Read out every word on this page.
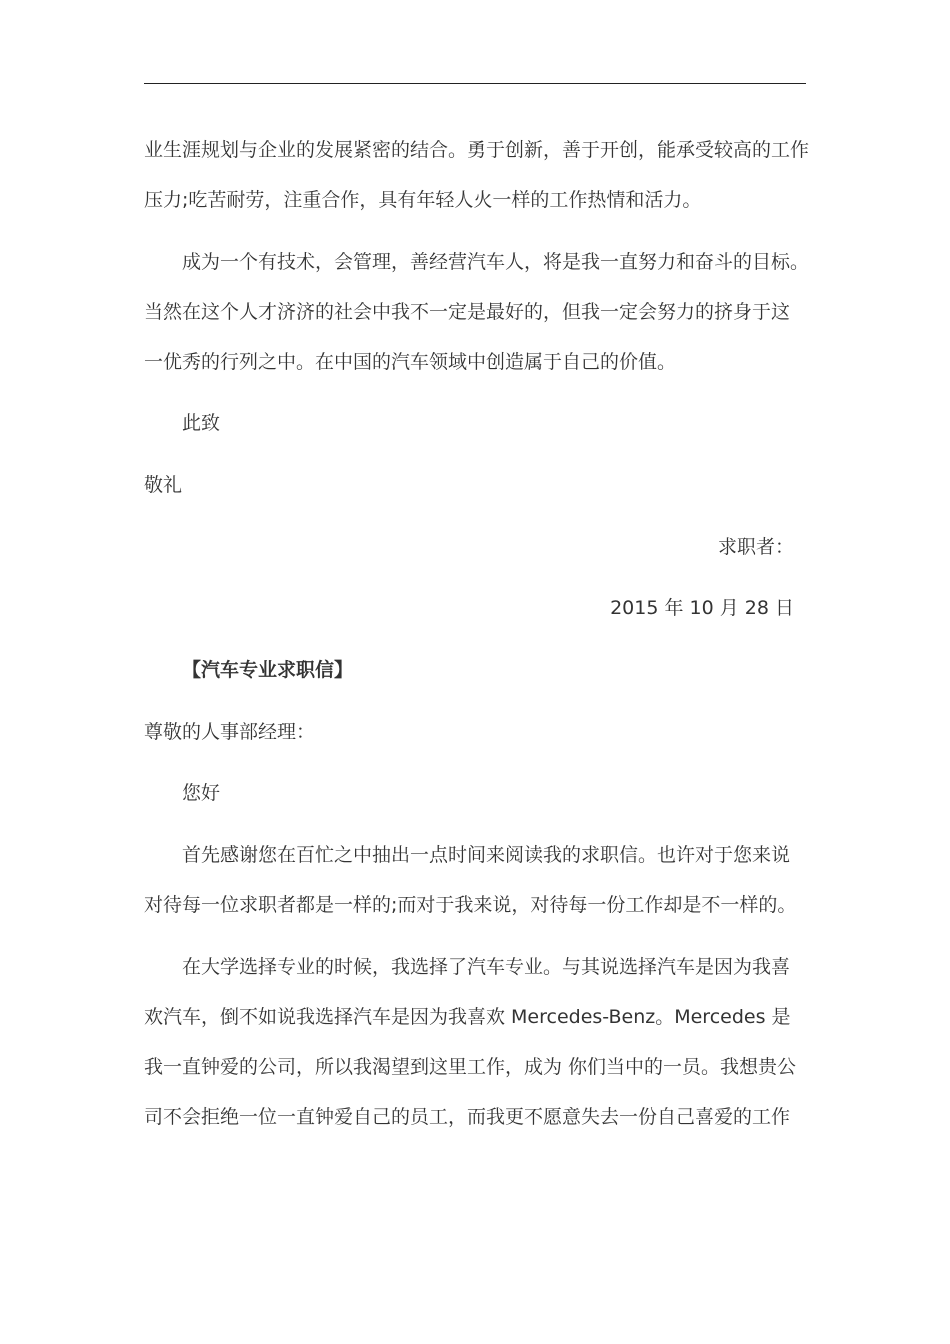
业生涯规划与企业的发展紧密的结合。勇于创新，善于开创，能承受较高的工作
压力;吃苦耐劳，注重合作，具有年轻人火一样的工作热情和活力。
成为一个有技术，会管理，善经营汽车人，将是我一直努力和奋斗的目标。
当然在这个人才济济的社会中我不一定是最好的，但我一定会努力的挤身于这
一优秀的行列之中。在中国的汽车领域中创造属于自己的价值。
此致
敬礼
求职者：
2015 年 10 月 28 日
【汽车专业求职信】
尊敬的人事部经理：
您好
首先感谢您在百忙之中抽出一点时间来阅读我的求职信。也许对于您来说
对待每一位求职者都是一样的;而对于我来说，对待每一份工作却是不一样的。
在大学选择专业的时候，我选择了汽车专业。与其说选择汽车是因为我喜
欢汽车，倒不如说我选择汽车是因为我喜欢 Mercedes-Benz。Mercedes 是
我一直钟爱的公司，所以我渴望到这里工作，成为 你们当中的一员。我想贵公
司不会拒绝一位一直钟爱自己的员工，而我更不愿意失去一份自己喜爱的工作
